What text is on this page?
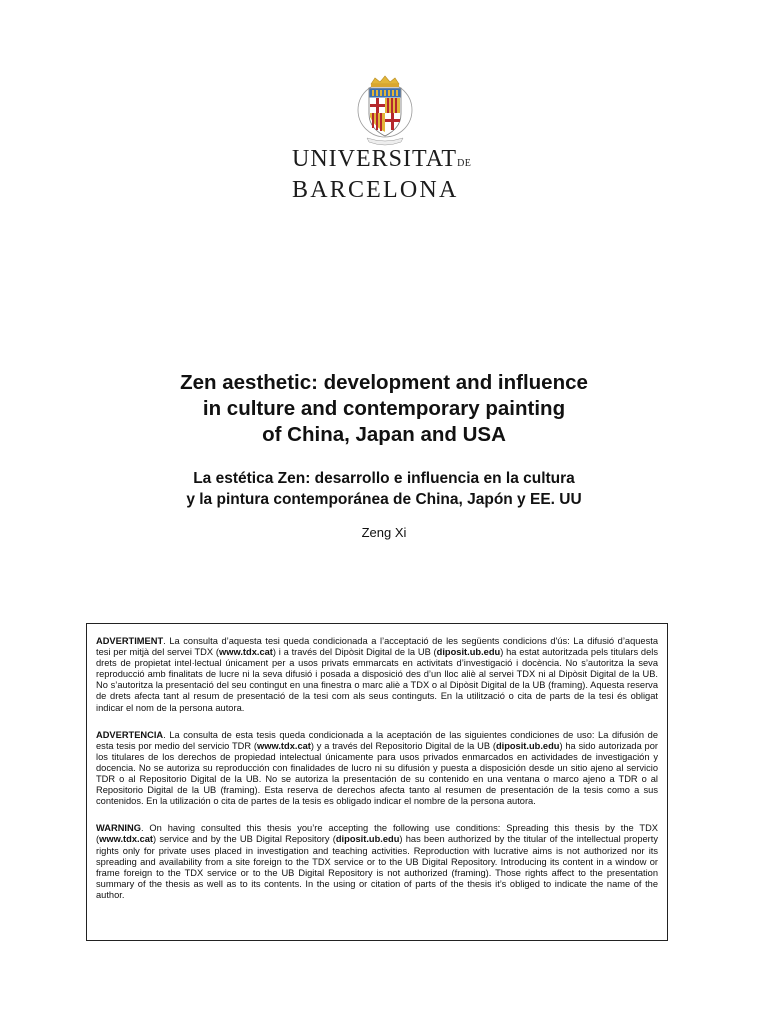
UNIVERSITATDE
BARCELONA
Zen aesthetic: development and influence
in culture and contemporary painting
of China, Japan and USA
La estética Zen: desarrollo e influencia en la cultura
y la pintura contemporánea de China, Japón y EE. UU
Zeng Xi

ADVERTIMENT. La consulta d’aquesta tesi queda condicionada a l’acceptació de les següents condicions d'ús: La difusió d’aquesta tesi per mitjà del servei TDX (www.tdx.cat) i a través del Dipòsit Digital de la UB (diposit.ub.edu) ha estat autoritzada pels titulars dels drets de propietat intel·lectual únicament per a usos privats emmarcats en activitats d’investigació i docència. No s’autoritza la seva reproducció amb finalitats de lucre ni la seva difusió i posada a disposició des d’un lloc aliè al servei TDX ni al Dipòsit Digital de la UB. No s’autoritza la presentació del seu contingut en una finestra o marc aliè a TDX o al Dipòsit Digital de la UB (framing). Aquesta reserva de drets afecta tant al resum de presentació de la tesi com als seus continguts. En la utilització o cita de parts de la tesi és obligat indicar el nom de la persona autora.

ADVERTENCIA. La consulta de esta tesis queda condicionada a la aceptación de las siguientes condiciones de uso: La difusión de esta tesis por medio del servicio TDR (www.tdx.cat) y a través del Repositorio Digital de la UB (diposit.ub.edu) ha sido autorizada por los titulares de los derechos de propiedad intelectual únicamente para usos privados enmarcados en actividades de investigación y docencia. No se autoriza su reproducción con finalidades de lucro ni su difusión y puesta a disposición desde un sitio ajeno al servicio TDR o al Repositorio Digital de la UB. No se autoriza la presentación de su contenido en una ventana o marco ajeno a TDR o al Repositorio Digital de la UB (framing). Esta reserva de derechos afecta tanto al resumen de presentación de la tesis como a sus contenidos. En la utilización o cita de partes de la tesis es obligado indicar el nombre de la persona autora.

WARNING. On having consulted this thesis you’re accepting the following use conditions: Spreading this thesis by the TDX (www.tdx.cat) service and by the UB Digital Repository (diposit.ub.edu) has been authorized by the titular of the intellectual property rights only for private uses placed in investigation and teaching activities. Reproduction with lucrative aims is not authorized nor its spreading and availability from a site foreign to the TDX service or to the UB Digital Repository. Introducing its content in a window or frame foreign to the TDX service or to the UB Digital Repository is not authorized (framing). Those rights affect to the presentation summary of the thesis as well as to its contents. In the using or citation of parts of the thesis it’s obliged to indicate the name of the author.
